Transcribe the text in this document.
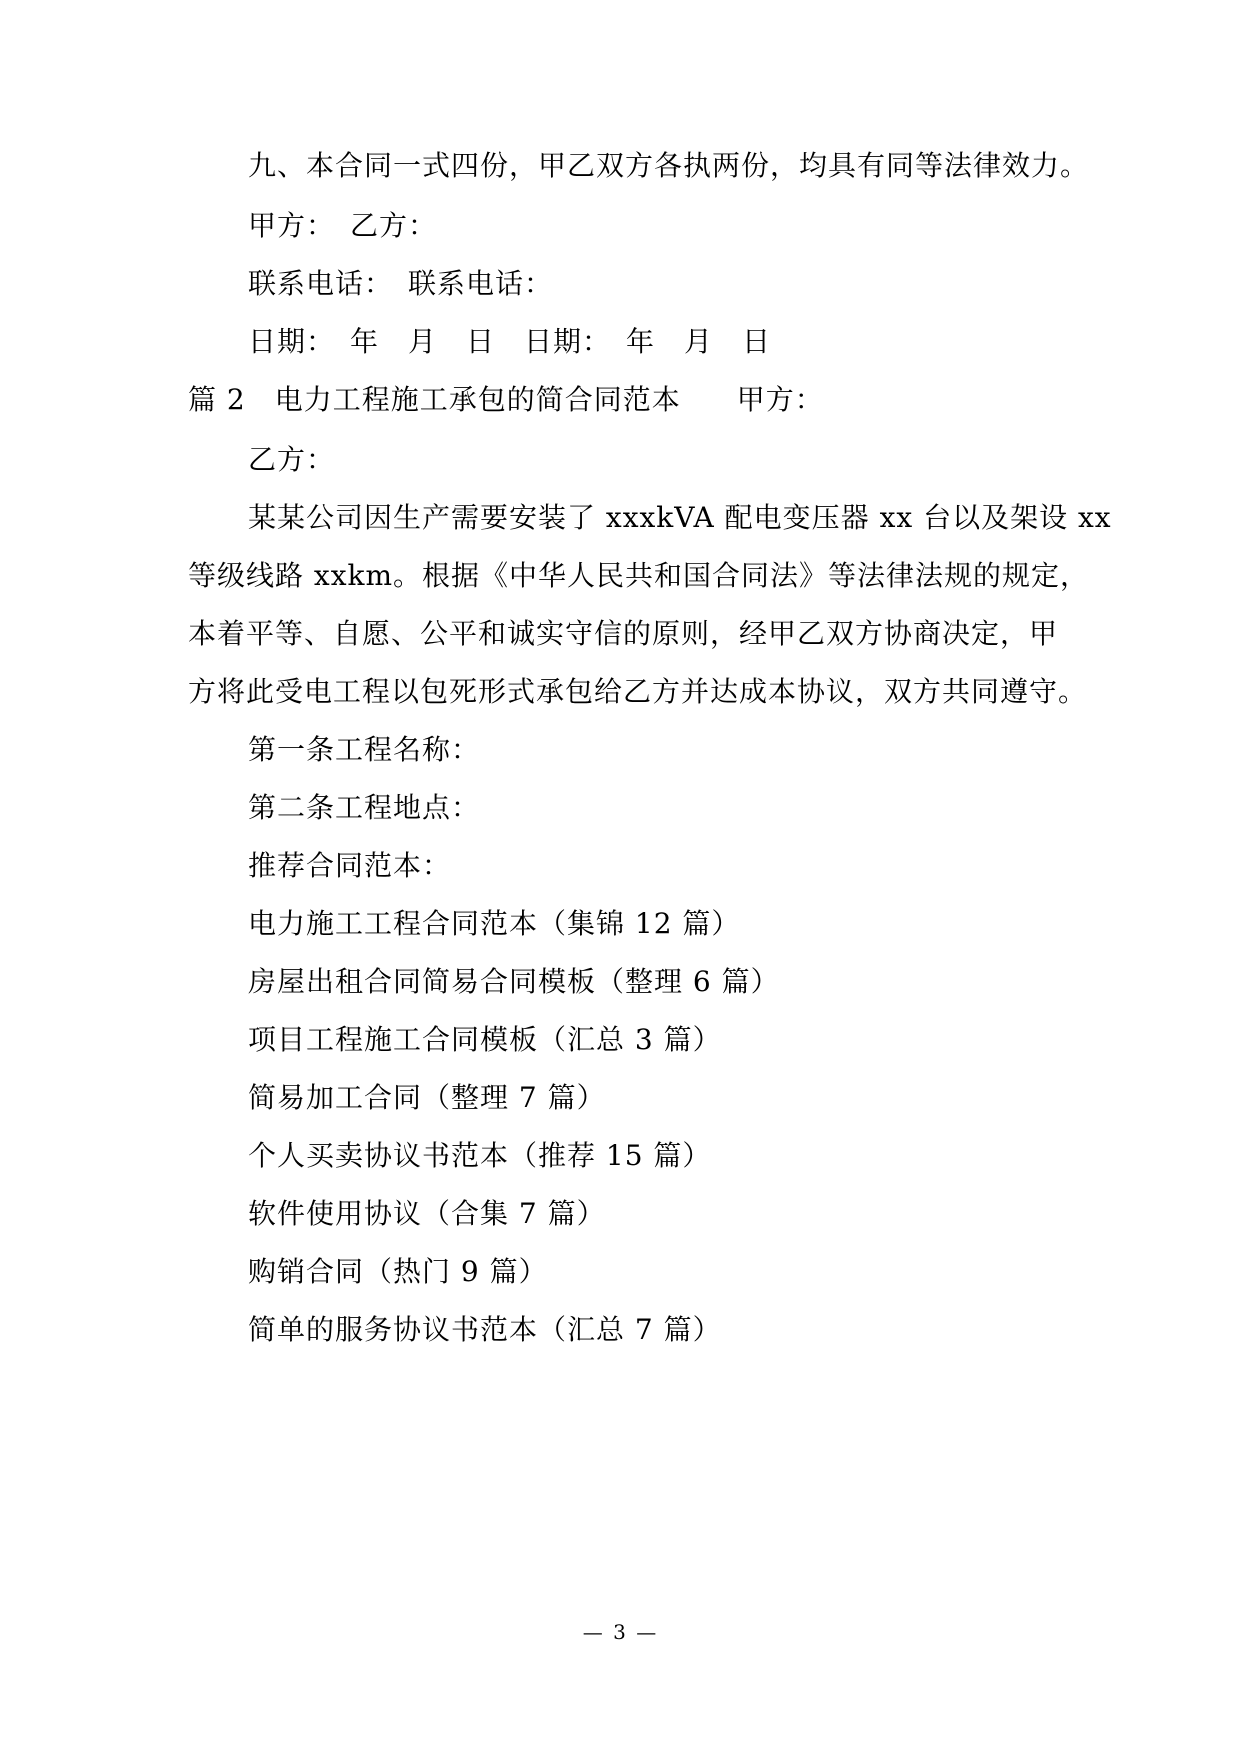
九、本合同一式四份，甲乙双方各执两份，均具有同等法律效力。
甲方：　乙方：
联系电话：　联系电话：
日期：　年　月　日　日期：　年　月　日
篇 2　电力工程施工承包的简合同范本 甲方：
乙方：
某某公司因生产需要安装了 xxxkVA 配电变压器 xx 台以及架设 xx
等级线路 xxkm。根据《中华人民共和国合同法》等法律法规的规定，
本着平等、自愿、公平和诚实守信的原则，经甲乙双方协商决定，甲
方将此受电工程以包死形式承包给乙方并达成本协议，双方共同遵守。
第一条工程名称：
第二条工程地点：
推荐合同范本：
电力施工工程合同范本（集锦 12 篇）
房屋出租合同简易合同模板（整理 6 篇）
项目工程施工合同模板（汇总 3 篇）
简易加工合同（整理 7 篇）
个人买卖协议书范本（推荐 15 篇）
软件使用协议（合集 7 篇）
购销合同（热门 9 篇）
简单的服务协议书范本（汇总 7 篇）
— 3 —
